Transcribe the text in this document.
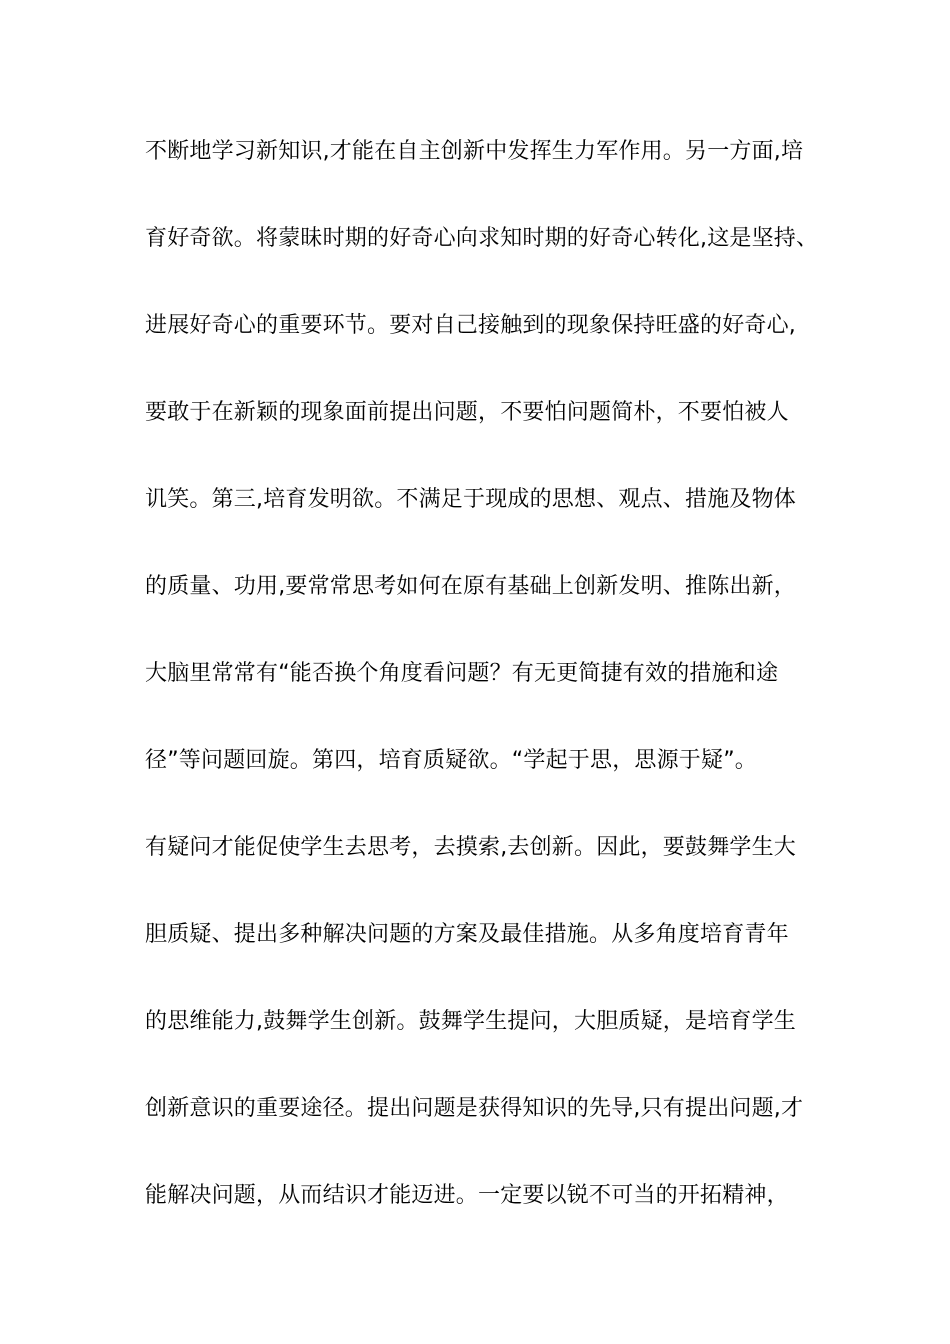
不断地学习新知识,才能在自主创新中发挥生力军作用。另一方面,培
育好奇欲。将蒙昧时期的好奇心向求知时期的好奇心转化,这是坚持、
进展好奇心的重要环节。要对自己接触到的现象保持旺盛的好奇心,
要敢于在新颖的现象面前提出问题，不要怕问题简朴，不要怕被人
讥笑。第三,培育发明欲。不满足于现成的思想、观点、措施及物体
的质量、功用,要常常思考如何在原有基础上创新发明、推陈出新，
大脑里常常有“能否换个角度看问题？有无更简捷有效的措施和途
径”等问题回旋。第四，培育质疑欲。“学起于思，思源于疑”。
有疑问才能促使学生去思考，去摸索,去创新。因此，要鼓舞学生大
胆质疑、提出多种解决问题的方案及最佳措施。从多角度培育青年
的思维能力,鼓舞学生创新。鼓舞学生提问，大胆质疑，是培育学生
创新意识的重要途径。提出问题是获得知识的先导,只有提出问题,才
能解决问题，从而结识才能迈进。一定要以锐不可当的开拓精神，
